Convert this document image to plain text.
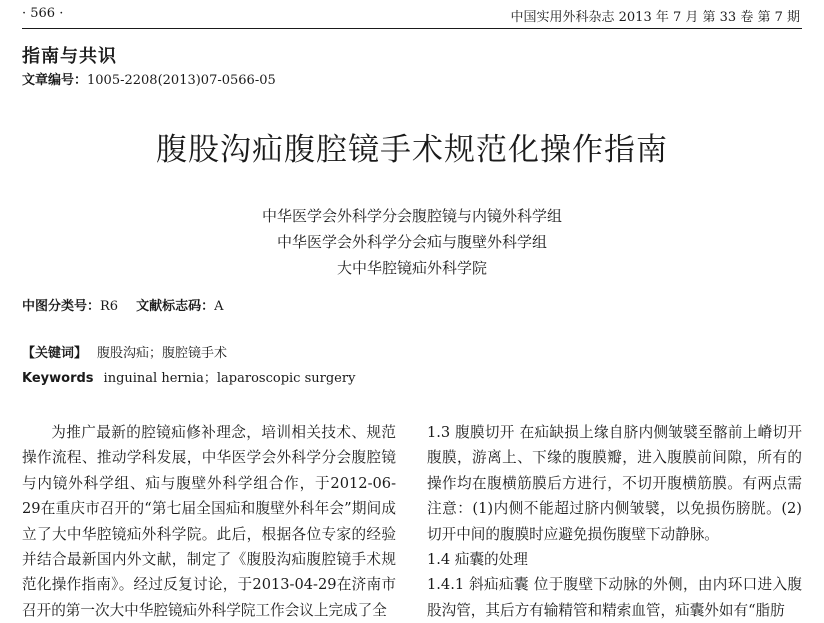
· 566 ·	中国实用外科杂志 2013 年 7 月 第 33 卷 第 7 期
指南与共识
文章编号：1005-2208(2013)07-0566-05
腹股沟疝腹腔镜手术规范化操作指南
中华医学会外科学分会腹腔镜与内镜外科学组
中华医学会外科学分会疝与腹壁外科学组
大中华腔镜疝外科学院
中图分类号：R6 文献标志码：A
【关键词】 腹股沟疝；腹腔镜手术
Keywords inguinal hernia；laparoscopic surgery

为推广最新的腔镜疝修补理念，培训相关技术、规范操作流程、推动学科发展，中华医学会外科学分会腹腔镜与内镜外科学组、疝与腹壁外科学组合作，于2012-06-29在重庆市召开的“第七届全国疝和腹壁外科年会”期间成立了大中华腔镜疝外科学院。此后，根据各位专家的经验并结合最新国内外文献，制定了《腹股沟疝腹腔镜手术规范化操作指南》。经过反复讨论，于2013-04-29在济南市召开的第一次大中华腔镜疝外科学院工作会议上完成了全

1.3 腹膜切开 在疝缺损上缘自脐内侧皱襞至髂前上嵴切开腹膜，游离上、下缘的腹膜瓣，进入腹膜前间隙，所有的操作均在腹横筋膜后方进行，不切开腹横筋膜。有两点需注意：(1)内侧不能超过脐内侧皱襞，以免损伤膀胱。(2)切开中间的腹膜时应避免损伤腹壁下动静脉。

1.4 疝囊的处理

1.4.1 斜疝疝囊 位于腹壁下动脉的外侧，由内环口进入腹股沟管，其后方有输精管和精索血管，疝囊外如有“脂肪
